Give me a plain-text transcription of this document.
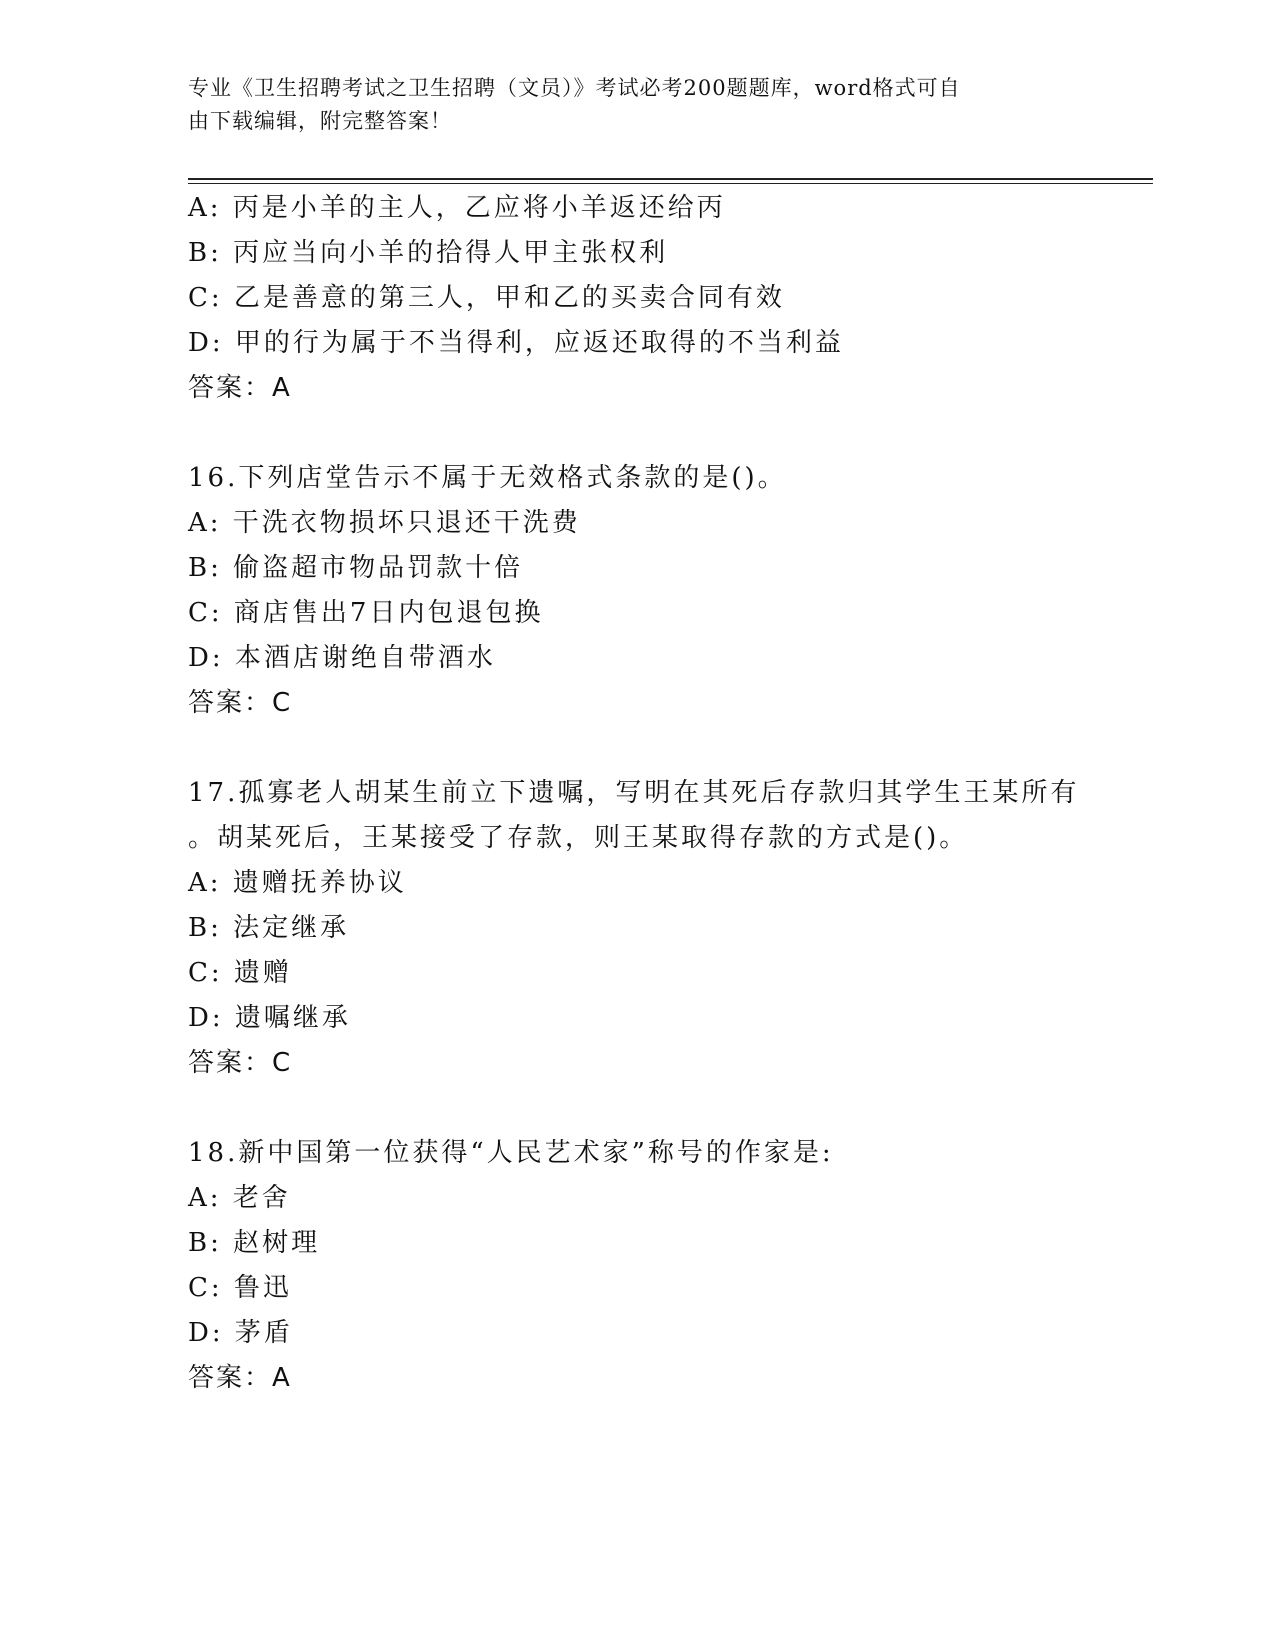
专业《卫生招聘考试之卫生招聘（文员）》考试必考200题题库，word格式可自
由下载编辑，附完整答案！
A: 丙是小羊的主人，乙应将小羊返还给丙
B: 丙应当向小羊的拾得人甲主张权利
C: 乙是善意的第三人，甲和乙的买卖合同有效
D: 甲的行为属于不当得利，应返还取得的不当利益
答案：A
16.下列店堂告示不属于无效格式条款的是()。
A: 干洗衣物损坏只退还干洗费
B: 偷盗超市物品罚款十倍
C: 商店售出7日内包退包换
D: 本酒店谢绝自带酒水
答案：C
17.孤寡老人胡某生前立下遗嘱，写明在其死后存款归其学生王某所有
。胡某死后，王某接受了存款，则王某取得存款的方式是()。
A: 遗赠抚养协议
B: 法定继承
C: 遗赠
D: 遗嘱继承
答案：C
18.新中国第一位获得“人民艺术家”称号的作家是:
A: 老舍
B: 赵树理
C: 鲁迅
D: 茅盾
答案：A
